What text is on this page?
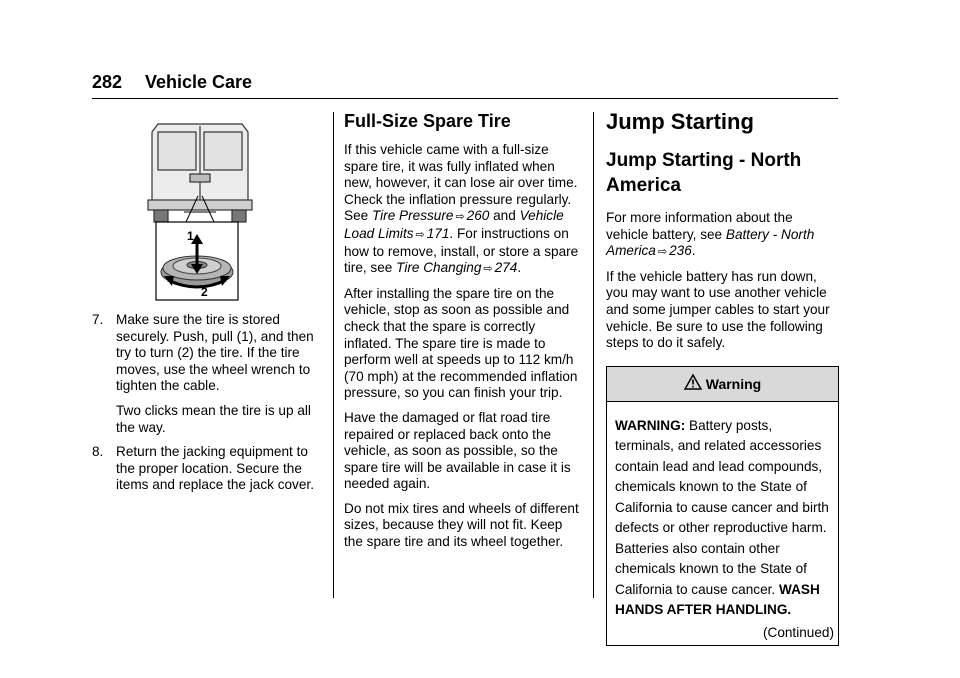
282 Vehicle Care
1
2
7. Make sure the tire is stored securely. Push, pull (1), and then try to turn (2) the tire. If the tire moves, use the wheel wrench to tighten the cable.
Two clicks mean the tire is up all the way.
8. Return the jacking equipment to the proper location. Secure the items and replace the jack cover.
Full-Size Spare Tire

If this vehicle came with a full-size spare tire, it was fully inflated when new, however, it can lose air over time. Check the inflation pressure regularly.
See Tire Pressure ⇨ 260 and Vehicle Load Limits ⇨ 171. For instructions on how to remove, install, or store a spare tire, see Tire Changing ⇨ 274.

After installing the spare tire on the vehicle, stop as soon as possible and check that the spare is correctly inflated. The spare tire is made to perform well at speeds up to 112 km/h (70 mph) at the recommended inflation pressure, so you can finish your trip.

Have the damaged or flat road tire repaired or replaced back onto the vehicle, as soon as possible, so the spare tire will be available in case it is needed again.

Do not mix tires and wheels of different sizes, because they will not fit. Keep the spare tire and its wheel together.

Jump Starting
Jump Starting - North America

For more information about the vehicle battery, see Battery - North America ⇨ 236.

If the vehicle battery has run down, you may want to use another vehicle and some jumper cables to start your vehicle. Be sure to use the following steps to do it safely.

Warning
WARNING: Battery posts, terminals, and related accessories contain lead and lead compounds, chemicals known to the State of California to cause cancer and birth defects or other reproductive harm. Batteries also contain other chemicals known to the State of California to cause cancer. WASH HANDS AFTER HANDLING.
(Continued)
